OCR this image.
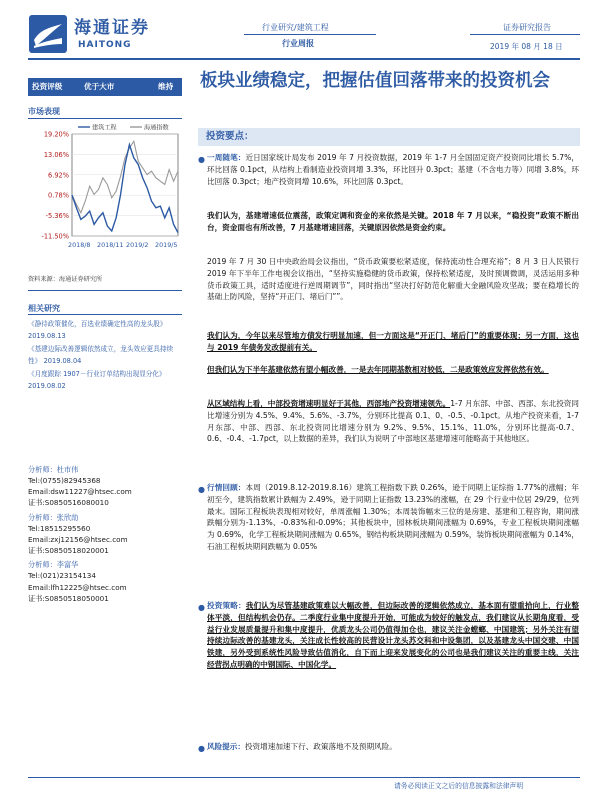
海通证券
HAITONG
行业研究/建筑工程
行业周报
证券研究报告
2019 年 08 月 18 日
投资评级	优于大市	维持
市场表现
19.20%
13.06%
6.92%
0.78%
-5.36%
-11.50%
2018/8 2018/11 2019/2 2019/5
建筑工程	海通指数
资料来源：海通证券研究所
相关研究
《静待政策催化，百选业绩确定性高的龙头股》 2019.08.13
《基建边际改善逻辑依然成立，龙头效应更具持续性》 2019.08.04
《月度跟踪 1907－行业订单结构出现显分化》 2019.08.02
分析师：杜市伟
Tel:(0755)82945368
Email:dsw11227@htsec.com
证书:S0850516080010
分析师：张欣劼
Tel:18515295560
Email:zxj12156@htsec.com
证书:S0850518020001
分析师：李富华
Tel:(021)23154134
Email:lfh12225@htsec.com
证书:S0850518050001
板块业绩稳定，把握估值回落带来的投资机会
投资要点：
● 一周随笔：近日国家统计局发布 2019 年 7 月投资数据，2019 年 1-7 月全国固定资产投资同比增长 5.7%，环比回落 0.1pct，从结构上看制造业投资同增 3.3%，环比回升 0.3pct；基建（不含电力等）同增 3.8%，环比回落 0.3pct；地产投资同增 10.6%，环比回落 0.3pct。
我们认为，基建增速低位震荡，政策定调和资金的来依然是关键。2018 年 7 月以来，“稳投资”政策不断出台，资金面也有所改善，7 月基建增速回落，关键原因依然是资金约束。
2019 年 7 月 30 日中央政治局会议指出，“货币政策要松紧适度，保持流动性合理充裕”；8 月 3 日人民银行 2019 年下半年工作电视会议指出，“坚持实施稳健的货币政策，保持松紧适度，及时预调微调，灵活运用多种货币政策工具，适时适度进行逆周期调节”，同时指出“坚决打好防范化解重大金融风险攻坚战；要在稳增长的基础上防风险，坚持“开正门、堵后门””。
我们认为，今年以来尽管地方债发行明显加速，但一方面这是“开正门、堵后门”的重要体现；另一方面，这也与 2019 年债务发改提前有关。
但我们认为下半年基建依然有望小幅改善，一是去年同期基数相对较低，二是政策效应发挥依然有效。
从区域结构上看，中部投资增速明显好于其他，西部地产投资增速领先。1-7 月东部、中部、西部、东北投资同比增速分别为 4.5%、9.4%、5.6%、-3.7%，分别环比提高 0.1、0、-0.5、-0.1pct。从地产投资来看，1-7 月东部、中部、西部、东北投资同比增速分别为 9.2%、9.5%、15.1%、11.0%，分别环比提高-0.7、0.6、-0.4、-1.7pct，以上数据的差异，我们认为说明了中部地区基建增速可能略高于其他地区。
● 行情回顾：本周（2019.8.12-2019.8.16）建筑工程指数下跌 0.26%，逊于同期上证综指 1.77%的涨幅；年初至今，建筑指数累计跌幅为 2.49%，逊于同期上证指数 13.23%的涨幅，在 29 个行业中位居 29/29，位列最末。国际工程板块表现相对较好，单周涨幅 1.30%；本周装饰幅末三位的是房建、基建和工程咨询，期间涨跌幅分别为-1.13%、-0.83%和-0.09%；其他板块中，园林板块期间涨幅为 0.69%，专业工程板块期间涨幅为 0.69%，化学工程板块期间涨幅为 0.65%，钢结构板块期间涨幅为 0.59%，装饰板块期间涨幅为 0.14%，石油工程板块期间跌幅为 0.05%
● 投资策略：我们认为尽管基建政策难以大幅改善，但边际改善的逻辑依然成立，基本面有望重拾向上，行业整体平淡，但结构机会仍存。二季度行业集中度提升开始，可能成为较好的触发点，我们建议从长期角度看，受益行业发展质量提升和集中度提升，优质龙头公司仍值得加仓也，建议关注金螳螂、中国建筑；另外关注有望持续边际改善的基建龙头，关注成长性较高的民营设计龙头苏交科和中设集团，以及基建龙头中国交建、中国铁建，另外受到系统性风险导致估值消化，自下而上迎来发展变化的公司也是我们建议关注的重要主线，关注经营拐点明确的中钢国际、中国化学。
● 风险提示：投资增速加速下行、政策落地不及预期风险。
请务必阅读正文之后的信息披露和法律声明
